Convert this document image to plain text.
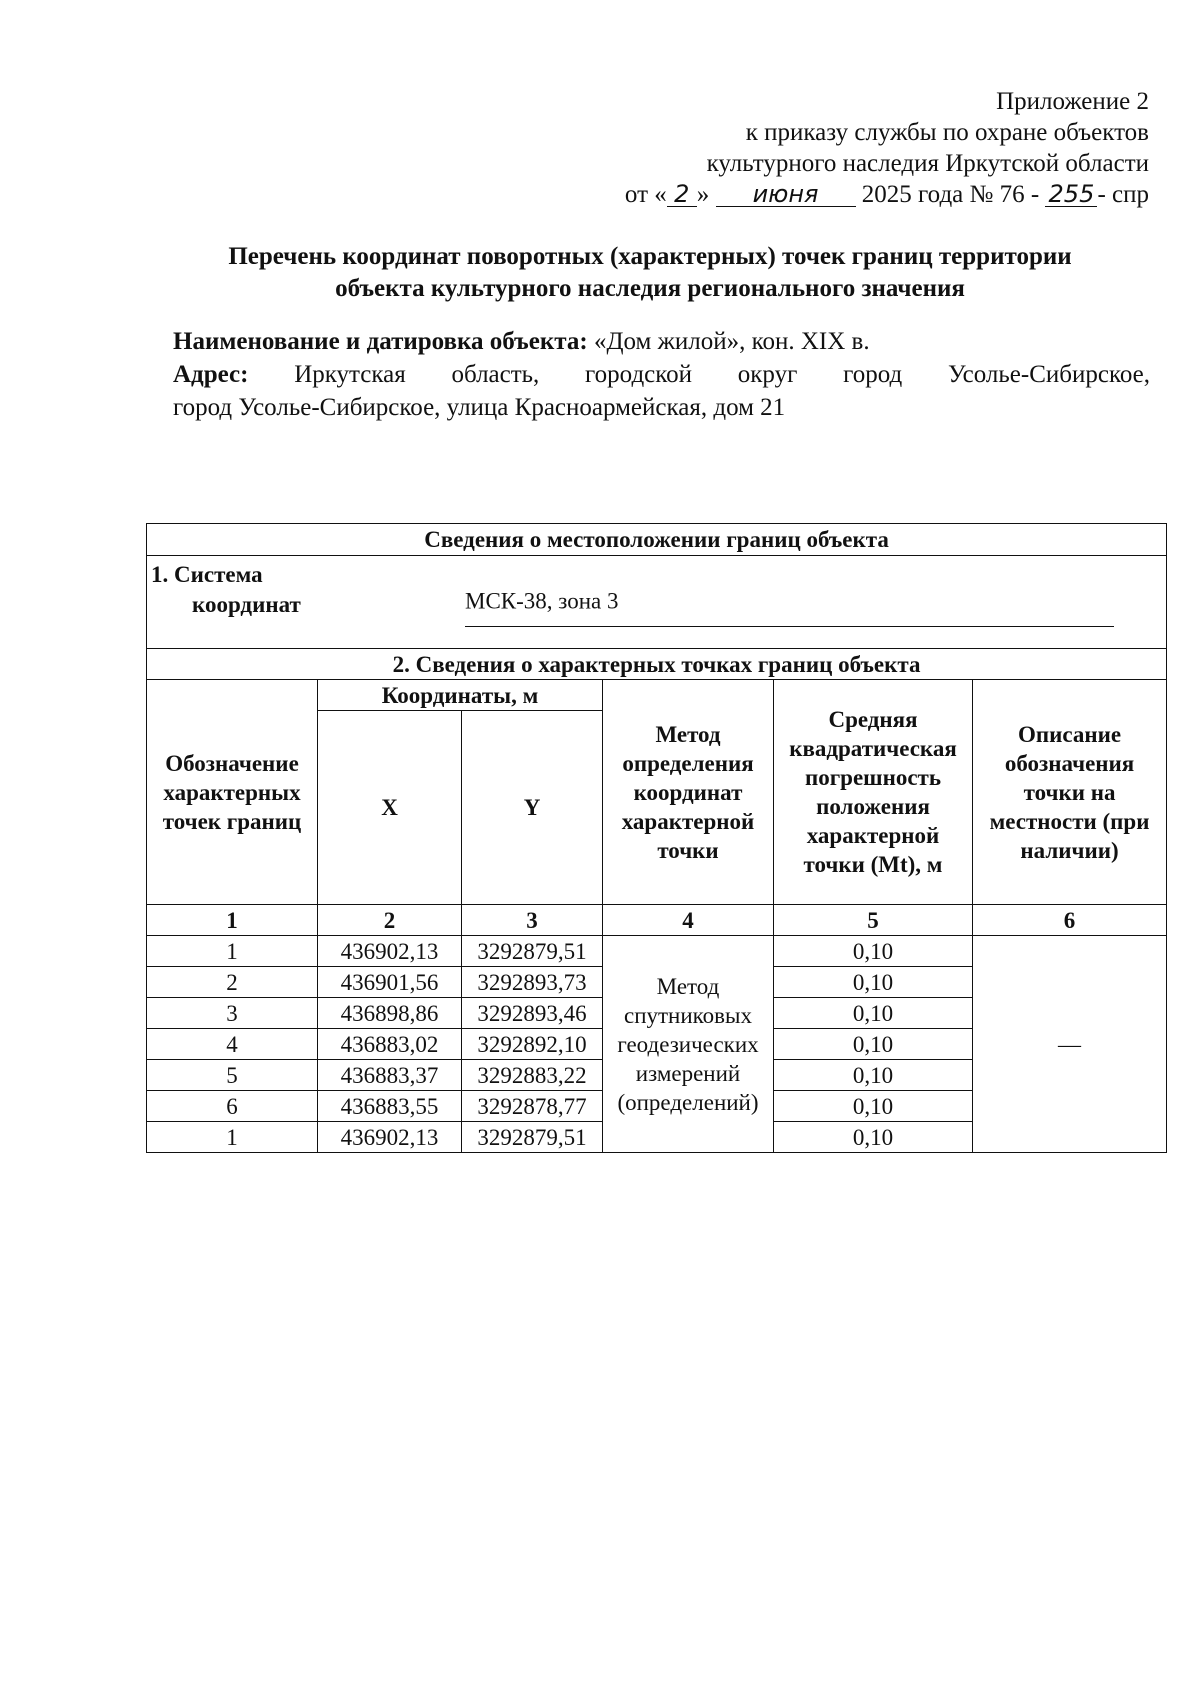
Приложение 2
к приказу службы по охране объектов
культурного наследия Иркутской области
от « 2 » июня 2025 года № 76 - 255 - спр
Перечень координат поворотных (характерных) точек границ территории
объекта культурного наследия регионального значения
Наименование и датировка объекта: «Дом жилой», кон. XIX в.
Адрес: Иркутская область, городской округ город Усолье-Сибирское,
город Усолье-Сибирское, улица Красноармейская, дом 21
Сведения о местоположении границ объекта					

1. Система
координат МСК-38, зона 3					

2. Сведения о характерных точках границ объекта					
Обозначение характерных точек границ	Координаты, м		Метод определения координат характерной точки	Средняя квадратическая погрешность положения характерной точки (Mt), м	Описание обозначения точки на местности (при наличии)
	X	Y			
1	2	3	4	5	6
1	436902,13	3292879,51	Метод спутниковых геодезических измерений (определений)	0,10	—
2	436901,56	3292893,73		0,10	
3	436898,86	3292893,46		0,10	
4	436883,02	3292892,10		0,10	
5	436883,37	3292883,22		0,10	
6	436883,55	3292878,77		0,10	
1	436902,13	3292879,51		0,10	
